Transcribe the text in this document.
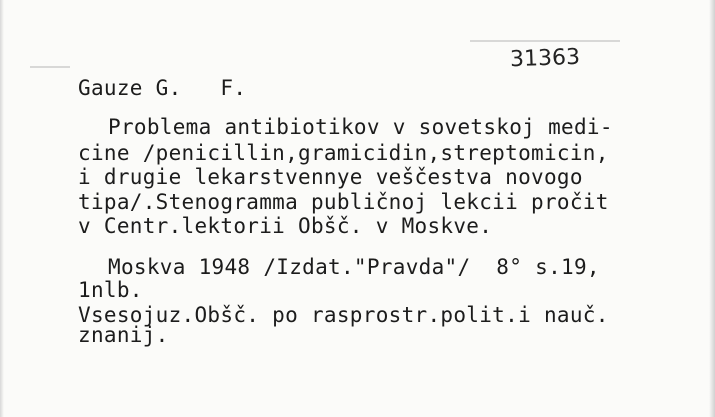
31363
Gauze G.   F.
Problema antibiotikov v sovetskoj medi-
cine /penicillin,gramicidin,streptomicin,
i drugie lekarstvennye veščestva novogo
tipa/.Stenogramma publičnoj lekcii pročit
v Centr.lektorii Obšč. v Moskve.
Moskva 1948 /Izdat."Pravda"/  8° s.19,
1nlb.
Vsesojuz.Obšč. po rasprostr.polit.i nauč.
znanij.
